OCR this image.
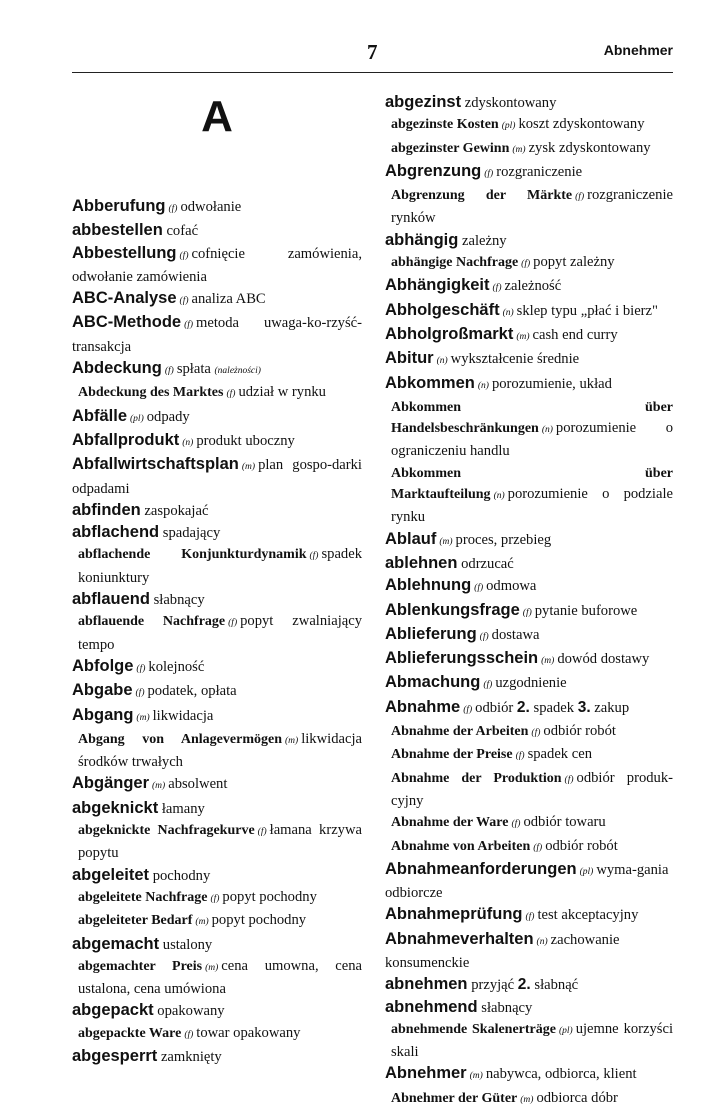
7	Abnehmer
A

Abberufung (f) odwołanie

abbestellen cofać

Abbestellung (f) cofnięcie zamówienia, odwołanie zamówienia

ABC-Analyse (f) analiza ABC

ABC-Methode (f) metoda uwaga-ko-rzyść-transakcja

Abdeckung (f) spłata (należności)

Abdeckung des Marktes (f) udział w rynku

Abfälle (pl) odpady

Abfallprodukt (n) produkt uboczny

Abfallwirtschaftsplan (m) plan gospo-darki odpadami

abfinden zaspokajać

abflachend spadający

abflachende Konjunkturdynamik (f) spadek koniunktury

abflauend słabnący

abflauende Nachfrage (f) popyt zwalniający tempo

Abfolge (f) kolejność

Abgabe (f) podatek, opłata

Abgang (m) likwidacja

Abgang von Anlagevermögen (m) likwidacja środków trwałych

Abgänger (m) absolwent

abgeknickt łamany

abgeknickte Nachfragekurve (f) łamana krzywa popytu

abgeleitet pochodny

abgeleitete Nachfrage (f) popyt pochodny

abgeleiteter Bedarf (m) popyt pochodny

abgemacht ustalony

abgemachter Preis (m) cena umowna, cena ustalona, cena umówiona

abgepackt opakowany

abgepackte Ware (f) towar opakowany

abgesperrt zamknięty

abgezinst zdyskontowany

abgezinste Kosten (pl) koszt zdyskontowany

abgezinster Gewinn (m) zysk zdyskontowany

Abgrenzung (f) rozgraniczenie

Abgrenzung der Märkte (f) rozgraniczenie rynków

abhängig zależny

abhängige Nachfrage (f) popyt zależny

Abhängigkeit (f) zależność

Abholgeschäft (n) sklep typu „płać i bierz"

Abholgroßmarkt (m) cash end curry

Abitur (n) wykształcenie średnie

Abkommen (n) porozumienie, układ

Abkommen über Handelsbeschränkungen (n) porozumienie o ograniczeniu handlu

Abkommen über Marktaufteilung (n) porozumienie o podziale rynku

Ablauf (m) proces, przebieg

ablehnen odrzucać

Ablehnung (f) odmowa

Ablenkungsfrage (f) pytanie buforowe

Ablieferung (f) dostawa

Ablieferungsschein (m) dowód dostawy

Abmachung (f) uzgodnienie

Abnahme (f) odbiór 2. spadek 3. zakup

Abnahme der Arbeiten (f) odbiór robót

Abnahme der Preise (f) spadek cen

Abnahme der Produktion (f) odbiór produk-cyjny

Abnahme der Ware (f) odbiór towaru

Abnahme von Arbeiten (f) odbiór robót

Abnahmeanforderungen (pl) wyma-gania odbiorcze

Abnahmeprüfung (f) test akceptacyjny

Abnahmeverhalten (n) zachowanie konsumenckie

abnehmen przyjąć 2. słabnąć

abnehmend słabnący

abnehmende Skalenerträge (pl) ujemne korzyści skali

Abnehmer (m) nabywca, odbiorca, klient

Abnehmer der Güter (m) odbiorca dóbr
